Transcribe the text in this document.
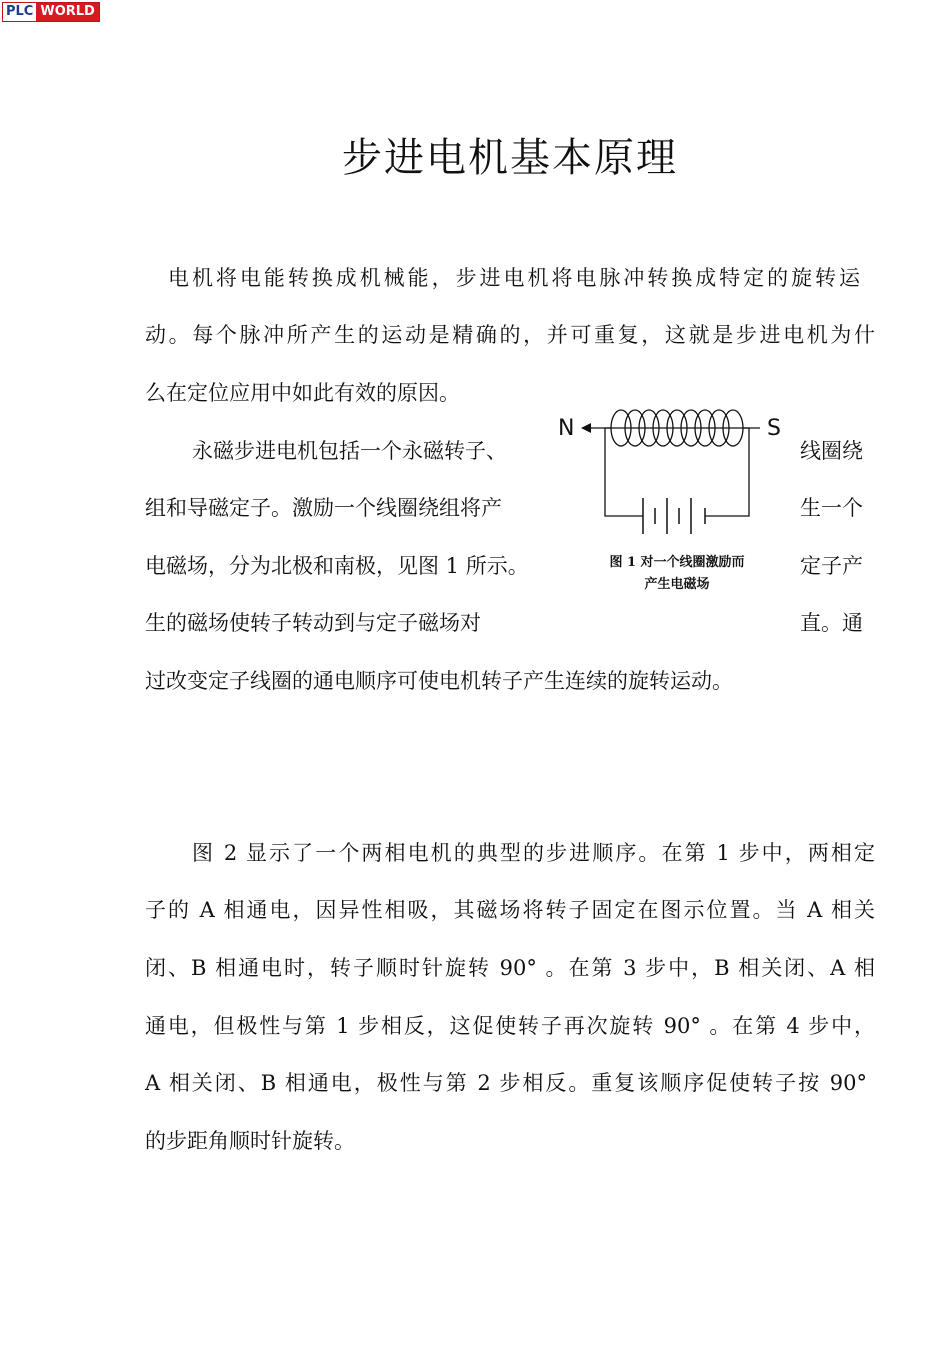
PLC WORLD
步进电机基本原理
电机将电能转换成机械能，步进电机将电脉冲转换成特定的旋转运
动。每个脉冲所产生的运动是精确的，并可重复，这就是步进电机为什
么在定位应用中如此有效的原因。
永磁步进电机包括一个永磁转子、
组和导磁定子。激励一个线圈绕组将产
电磁场，分为北极和南极，见图 1 所示。
生的磁场使转子转动到与定子磁场对
线圈绕
生一个
定子产
直。通
过改变定子线圈的通电顺序可使电机转子产生连续的旋转运动。
N	S
图 1 对一个线圈激励而
产生电磁场
图 2 显示了一个两相电机的典型的步进顺序。在第 1 步中，两相定
子的 A 相通电，因异性相吸，其磁场将转子固定在图示位置。当 A 相关
闭、B 相通电时，转子顺时针旋转 90° 。在第 3 步中，B 相关闭、A 相
通电，但极性与第 1 步相反，这促使转子再次旋转 90° 。在第 4 步中，
A 相关闭、B 相通电，极性与第 2 步相反。重复该顺序促使转子按 90°
的步距角顺时针旋转。
